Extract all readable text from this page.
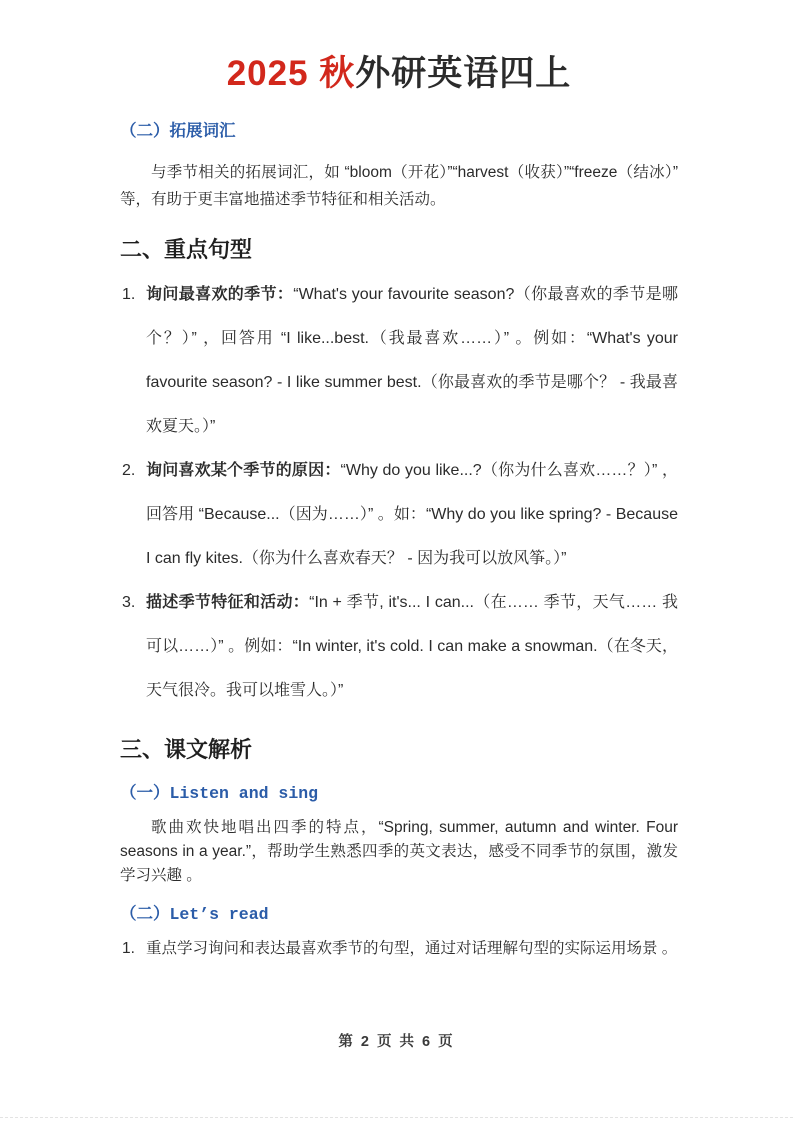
2025 秋外研英语四上
（二）拓展词汇
与季节相关的拓展词汇，如 “bloom（开花）”“harvest（收获）”“freeze（结冰）” 等，有助于更丰富地描述季节特征和相关活动。
二、重点句型
1. 询问最喜欢的季节：“What's your favourite season?（你最喜欢的季节是哪个？）” ，回答用 “I like...best.（我最喜欢……）” 。例如：“What's your favourite season? - I like summer best.（你最喜欢的季节是哪个？ - 我最喜欢夏天。）”
2. 询问喜欢某个季节的原因：“Why do you like...?（你为什么喜欢……？）” ，回答用 “Because...（因为……）” 。如：“Why do you like spring? - Because I can fly kites.（你为什么喜欢春天？ - 因为我可以放风筝。）”
3. 描述季节特征和活动：“In + 季节, it's... I can...（在…… 季节，天气…… 我可以……）” 。例如：“In winter, it's cold. I can make a snowman.（在冬天，天气很冷。我可以堆雪人。）”
三、课文解析
（一）Listen and sing
歌曲欢快地唱出四季的特点，“Spring, summer, autumn and winter. Four seasons in a year.”，帮助学生熟悉四季的英文表达，感受不同季节的氛围，激发学习兴趣 。
（二）Let’s read
1. 重点学习询问和表达最喜欢季节的句型，通过对话理解句型的实际运用场景 。
第 2 页 共 6 页
